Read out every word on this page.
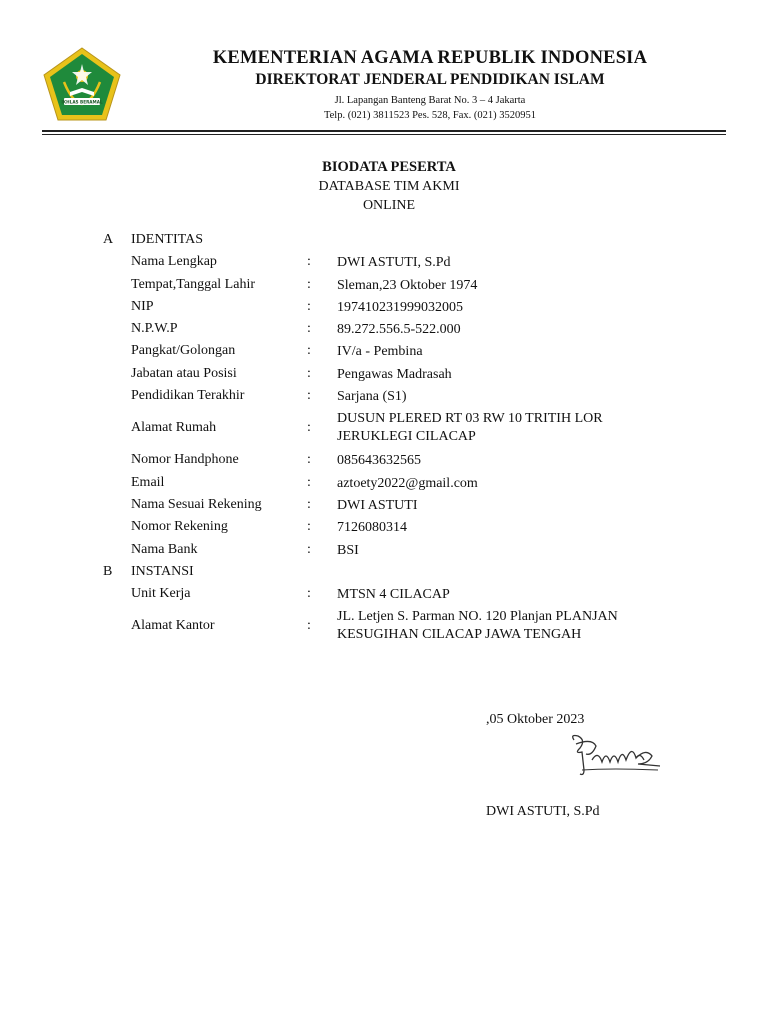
IKHLAS BERAMAL
KEMENTERIAN AGAMA REPUBLIK INDONESIA
DIREKTORAT JENDERAL PENDIDIKAN ISLAM
Jl. Lapangan Banteng Barat No. 3 – 4 Jakarta
Telp. (021) 3811523 Pes. 528, Fax. (021) 3520951
BIODATA PESERTA
DATABASE TIM AKMI
ONLINE
A IDENTITAS
Nama Lengkap	: DWI ASTUTI, S.Pd
Tempat,Tanggal Lahir	: Sleman,23 Oktober 1974
NIP	: 197410231999032005
N.P.W.P	: 89.272.556.5-522.000
Pangkat/Golongan	: IV/a - Pembina
Jabatan atau Posisi	: Pengawas Madrasah
Pendidikan Terakhir	: Sarjana (S1)
Alamat Rumah	:
DUSUN PLERED RT 03 RW 10 TRITIH LOR JERUKLEGI CILACAP
Nomor Handphone	: 085643632565
Email	: aztoety2022@gmail.com
Nama Sesuai Rekening	: DWI ASTUTI
Nomor Rekening	: 7126080314
Nama Bank	: BSI
B INSTANSI
Unit Kerja	: MTSN 4 CILACAP
Alamat Kantor	:
JL. Letjen S. Parman NO. 120 Planjan PLANJAN KESUGIHAN CILACAP JAWA TENGAH
,05 Oktober 2023
DWI ASTUTI, S.Pd
